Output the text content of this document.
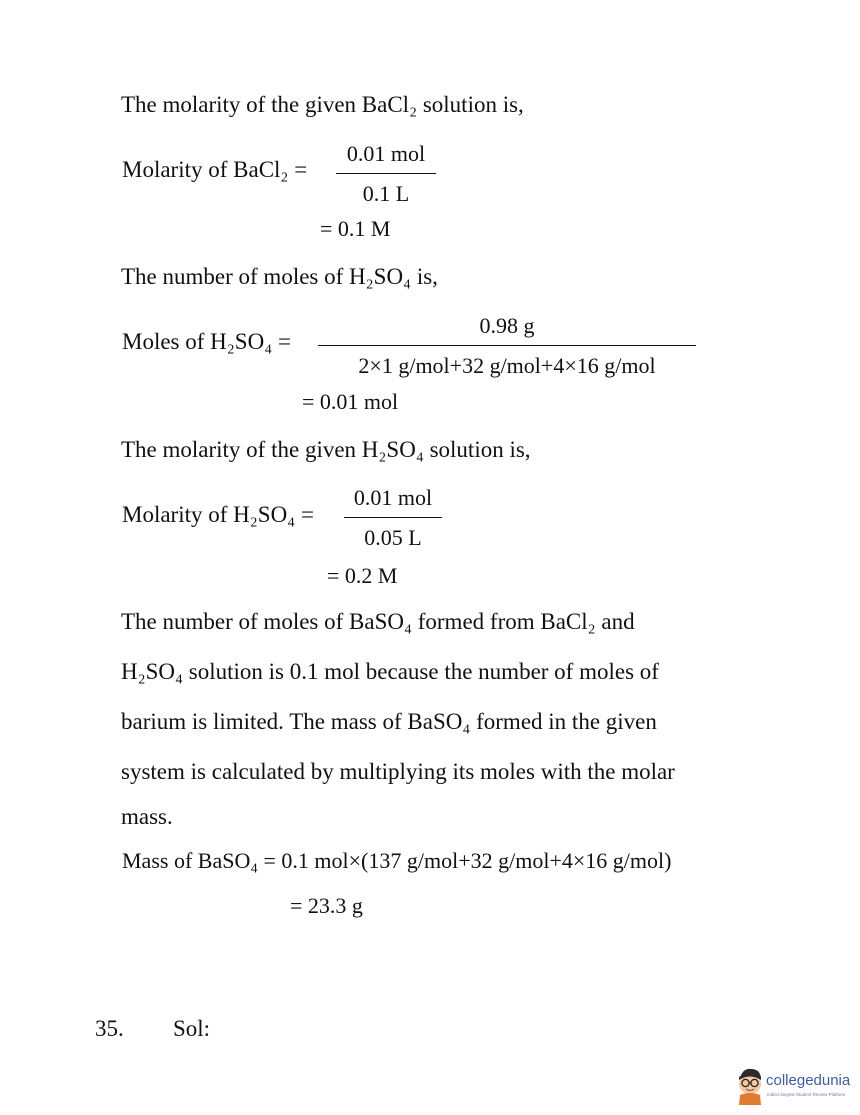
The molarity of the given BaCl₂ solution is,
Molarity of BaCl₂ =
0.01 mol
0.1 L
= 0.1 M
The number of moles of H₂SO₄ is,
Moles of H₂SO₄ =
0.98 g
2×1 g/mol+32 g/mol+4×16 g/mol
= 0.01 mol
The molarity of the given H₂SO₄ solution is,
Molarity of H₂SO₄ =
0.01 mol
0.05 L
= 0.2 M
The number of moles of BaSO₄ formed from BaCl₂ and
H₂SO₄ solution is 0.1 mol because the number of moles of
barium is limited. The mass of BaSO₄ formed in the given
system is calculated by multiplying its moles with the molar
mass.
Mass of BaSO₄ = 0.1 mol×(137 g/mol+32 g/mol+4×16 g/mol)
= 23.3 g
35. Sol:
collegedunia
India's largest Student Review Platform
